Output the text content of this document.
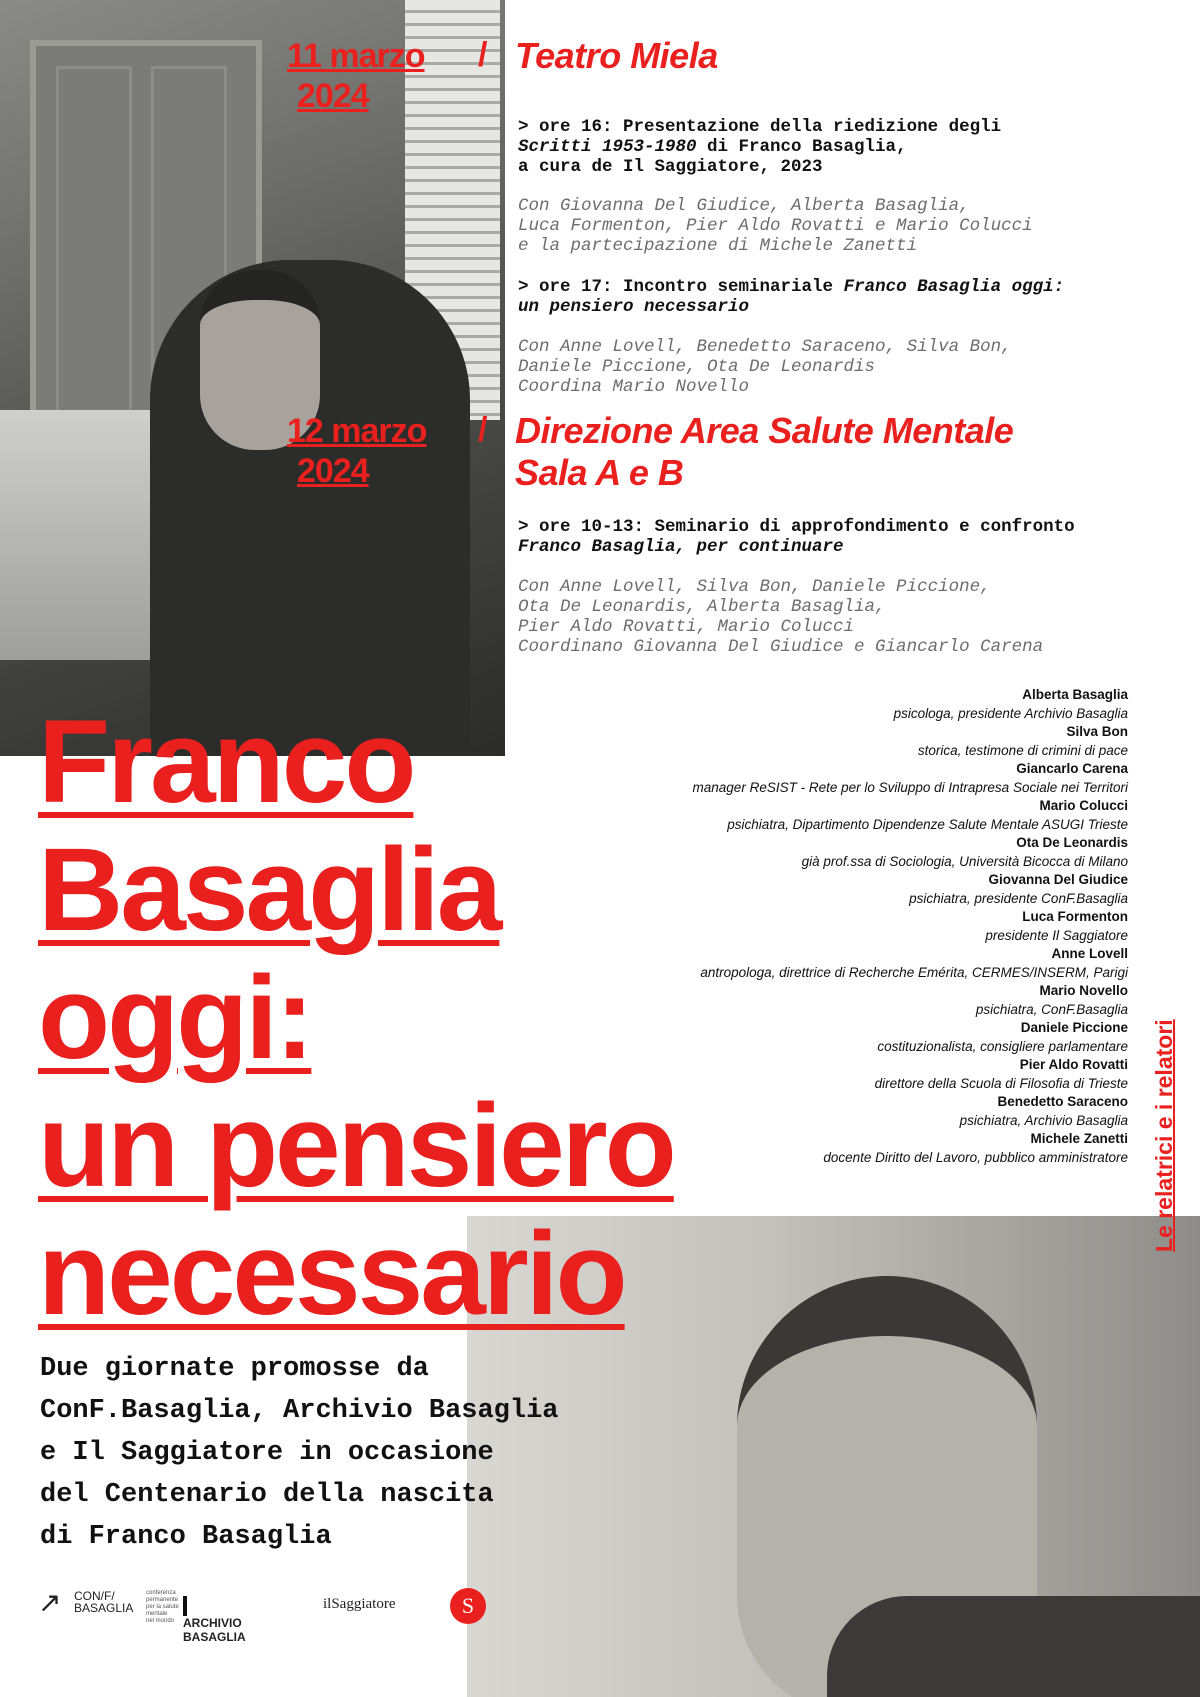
11 marzo
2024
/ Teatro Miela
> ore 16: Presentazione della riedizione degli
Scritti 1953-1980 di Franco Basaglia,
a cura de Il Saggiatore, 2023
Con Giovanna Del Giudice, Alberta Basaglia,
Luca Formenton, Pier Aldo Rovatti e Mario Colucci
e la partecipazione di Michele Zanetti
> ore 17: Incontro seminariale Franco Basaglia oggi:
un pensiero necessario
Con Anne Lovell, Benedetto Saraceno, Silva Bon,
Daniele Piccione, Ota De Leonardis
Coordina Mario Novello
12 marzo
2024
/ Direzione Area Salute Mentale
Sala A e B
> ore 10-13: Seminario di approfondimento e confronto
Franco Basaglia, per continuare
Con Anne Lovell, Silva Bon, Daniele Piccione,
Ota De Leonardis, Alberta Basaglia,
Pier Aldo Rovatti, Mario Colucci
Coordinano Giovanna Del Giudice e Giancarlo Carena
Alberta Basaglia
psicologa, presidente Archivio Basaglia
Silva Bon
storica, testimone di crimini di pace
Giancarlo Carena
manager ReSIST - Rete per lo Sviluppo di Intrapresa Sociale nei Territori
Mario Colucci
psichiatra, Dipartimento Dipendenze Salute Mentale ASUGI Trieste
Ota De Leonardis
già prof.ssa di Sociologia, Università Bicocca di Milano
Giovanna Del Giudice
psichiatra, presidente ConF.Basaglia
Luca Formenton
presidente Il Saggiatore
Anne Lovell
antropologa, direttrice di Recherche Emérita, CERMES/INSERM, Parigi
Mario Novello
psichiatra, ConF.Basaglia
Daniele Piccione
costituzionalista, consigliere parlamentare
Pier Aldo Rovatti
direttore della Scuola di Filosofia di Trieste
Benedetto Saraceno
psichiatra, Archivio Basaglia
Michele Zanetti
docente Diritto del Lavoro, pubblico amministratore Le relatrici e i relatori
Franco
Basaglia
oggi:
un pensiero
necessario
Due giornate promosse da
ConF.Basaglia, Archivio Basaglia
e Il Saggiatore in occasione
del Centenario della nascita
di Franco Basaglia
↗	CON/F/
BASAGLIA
conferenza
permanente
per la salute
mentale
nel mondo ARCHIVIO BASAGLIA
ilSaggiatore	S
